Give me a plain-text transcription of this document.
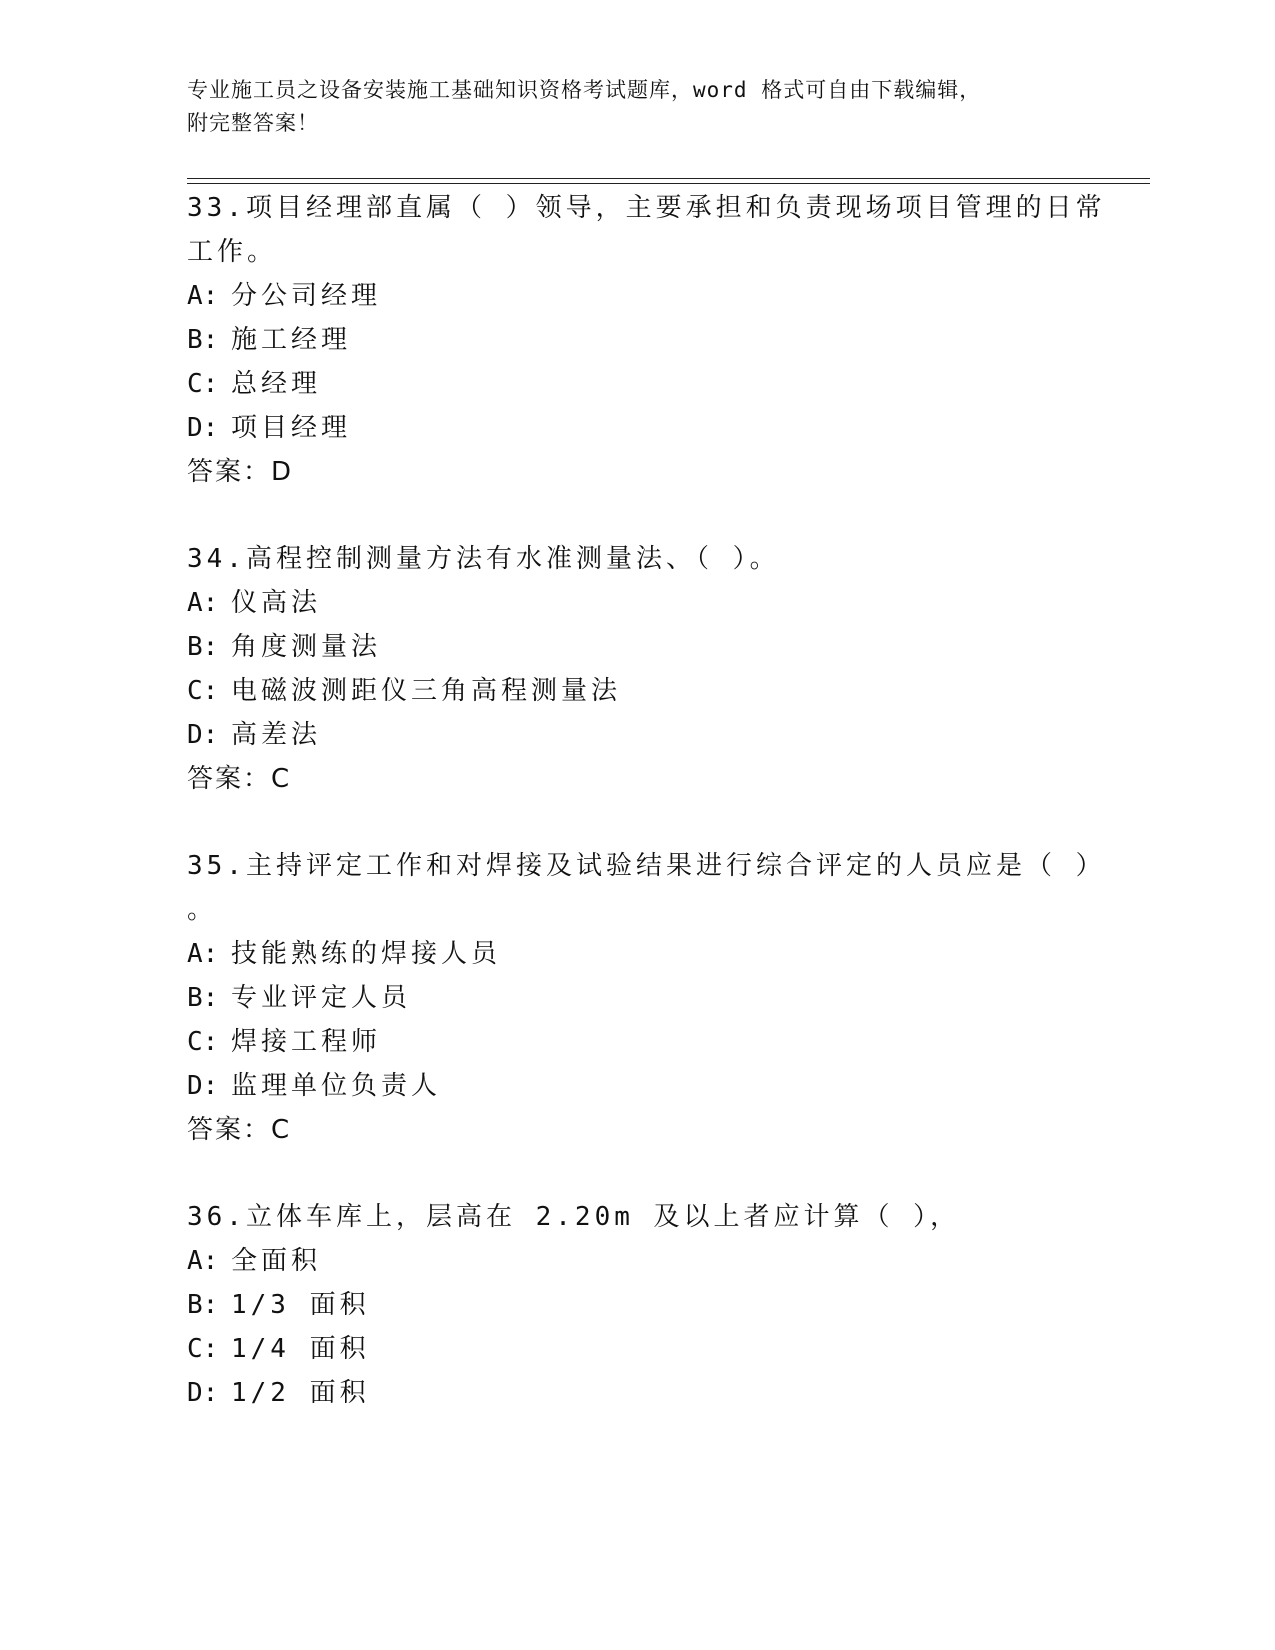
专业施工员之设备安装施工基础知识资格考试题库，word 格式可自由下载编辑，
附完整答案！
33.项目经理部直属（ ）领导，主要承担和负责现场项目管理的日常
工作。
A: 分公司经理
B: 施工经理
C: 总经理
D: 项目经理
答案：D
34.高程控制测量方法有水准测量法、（ ）。
A: 仪高法
B: 角度测量法
C: 电磁波测距仪三角高程测量法
D: 高差法
答案：C
35.主持评定工作和对焊接及试验结果进行综合评定的人员应是（ ）
。
A: 技能熟练的焊接人员
B: 专业评定人员
C: 焊接工程师
D: 监理单位负责人
答案：C
36.立体车库上，层高在 2.20m 及以上者应计算（ ），
A: 全面积
B: 1/3 面积
C: 1/4 面积
D: 1/2 面积
